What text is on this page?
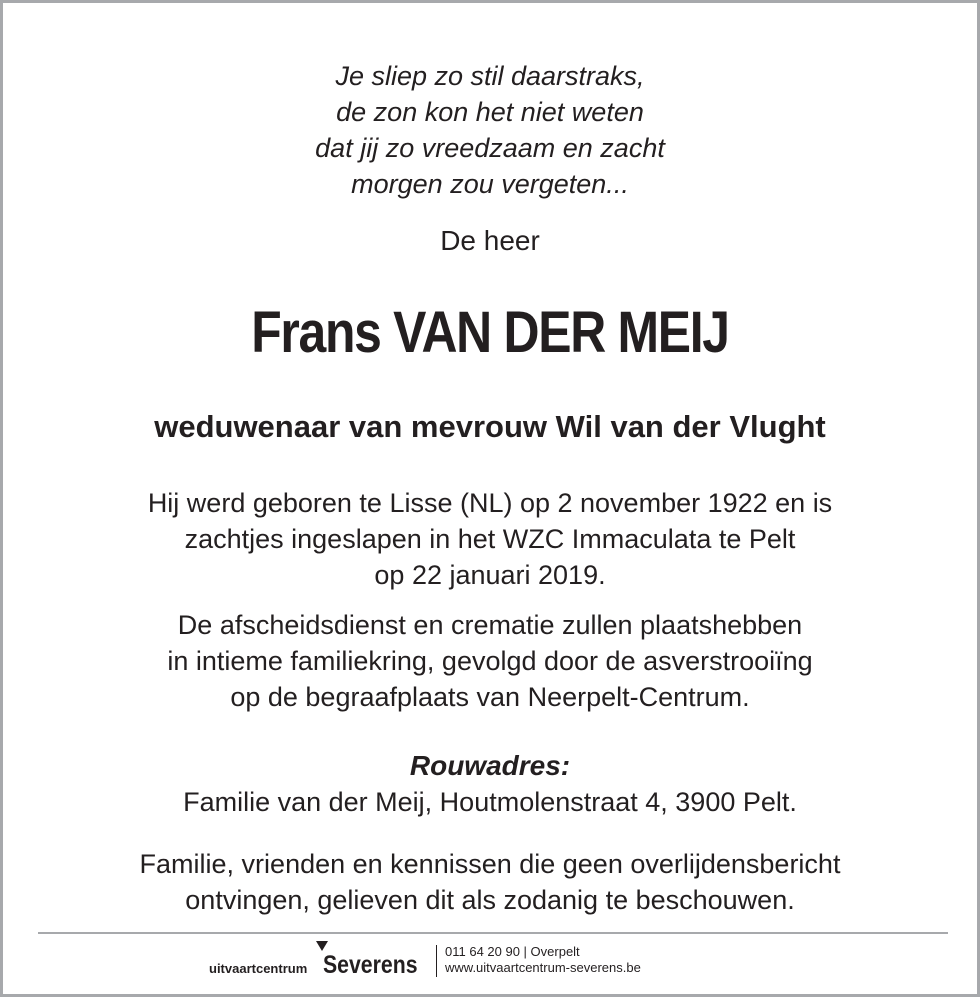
Je sliep zo stil daarstraks,
de zon kon het niet weten
dat jij zo vreedzaam en zacht
morgen zou vergeten...
De heer
Frans VAN DER MEIJ
weduwenaar van mevrouw Wil van der Vlught
Hij werd geboren te Lisse (NL) op 2 november 1922 en is
zachtjes ingeslapen in het WZC Immaculata te Pelt
op 22 januari 2019.
De afscheidsdienst en crematie zullen plaatshebben
in intieme familiekring, gevolgd door de asverstrooiïng
op de begraafplaats van Neerpelt-Centrum.
Rouwadres:
Familie van der Meij, Houtmolenstraat 4, 3900 Pelt.
Familie, vrienden en kennissen die geen overlijdensbericht
ontvingen, gelieven dit als zodanig te beschouwen.
uitvaartcentrum Severens 011 64 20 90 | Overpelt
www.uitvaartcentrum-severens.be
